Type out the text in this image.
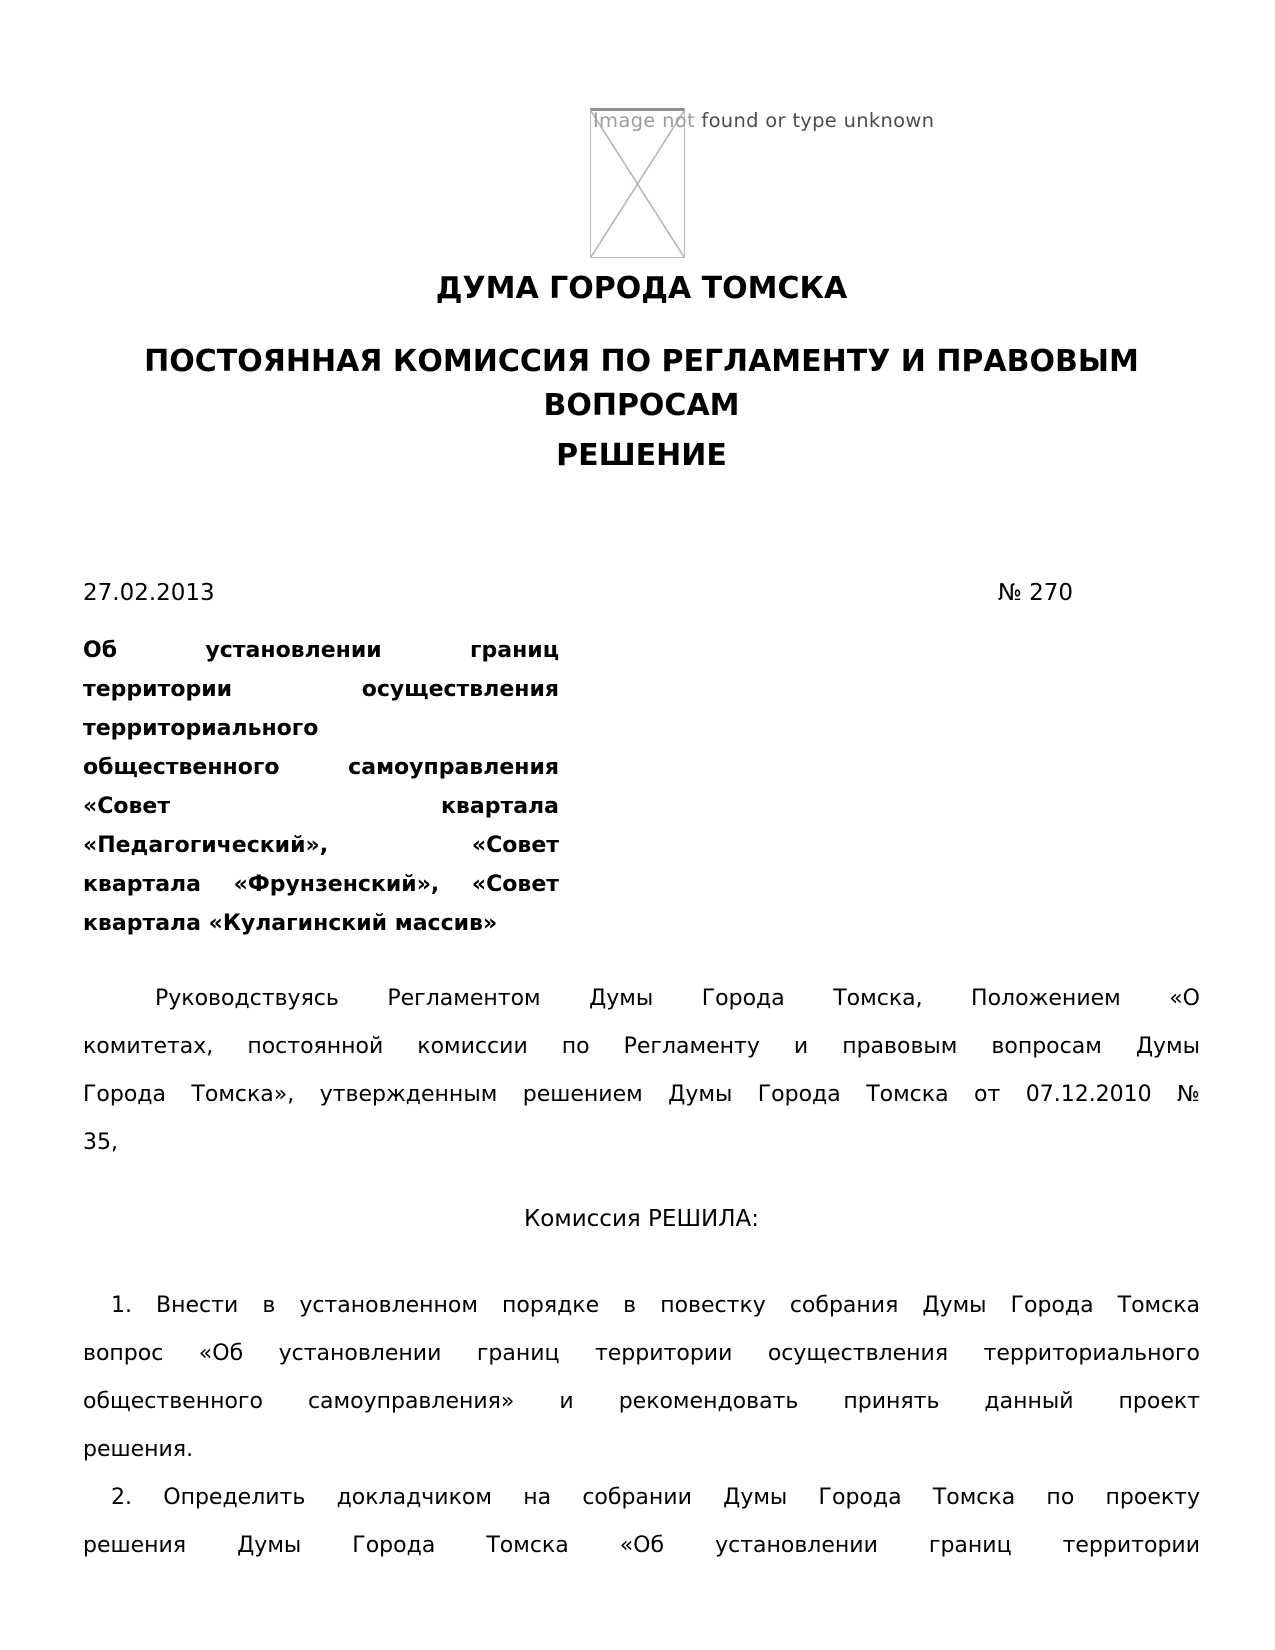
Image not found or type unknown
ДУМА ГОРОДА ТОМСКА
ПОСТОЯННАЯ КОМИССИЯ ПО РЕГЛАМЕНТУ И ПРАВОВЫМ
ВОПРОСАМ
РЕШЕНИЕ
27.02.2013	№ 270
Об установлении границ
территории осуществления
территориального
общественного самоуправления
«Совет квартала
«Педагогический», «Совет
квартала «Фрунзенский», «Совет
квартала «Кулагинский массив»
Руководствуясь Регламентом Думы Города Томска, Положением «О
комитетах, постоянной комиссии по Регламенту и правовым вопросам Думы
Города Томска», утвержденным решением Думы Города Томска от 07.12.2010 №
35,
Комиссия РЕШИЛА:
1. Внести в установленном порядке в повестку собрания Думы Города Томска
вопрос «Об установлении границ территории осуществления территориального
общественного самоуправления» и рекомендовать принять данный проект
решения.
2. Определить докладчиком на собрании Думы Города Томска по проекту
решения Думы Города Томска «Об установлении границ территории
